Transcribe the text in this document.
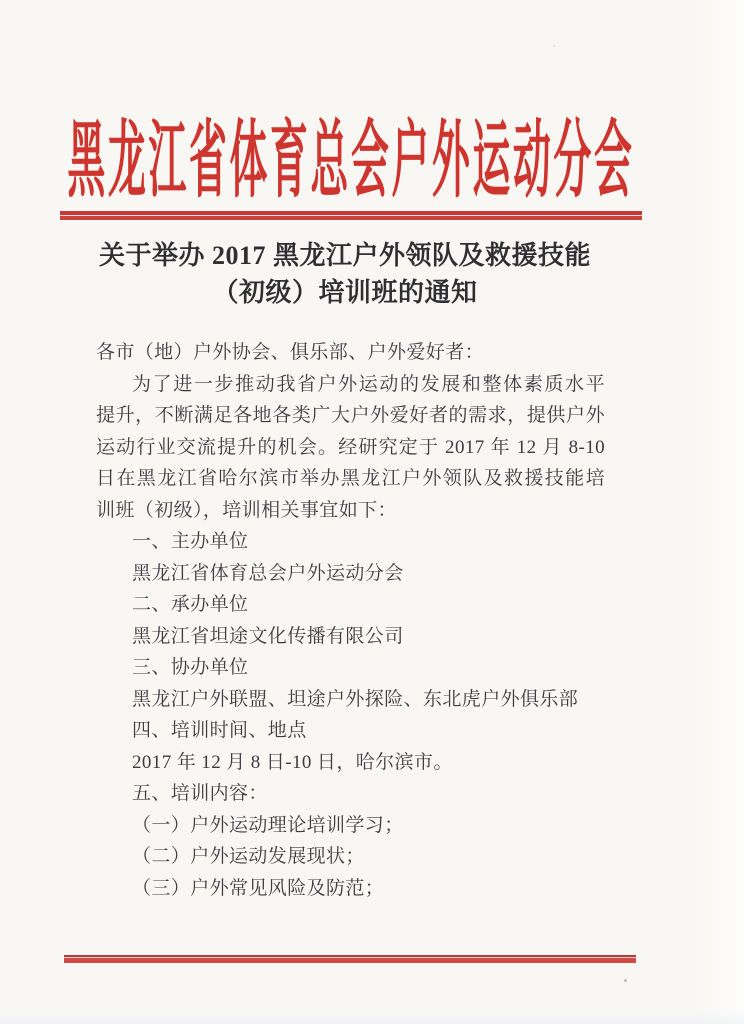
黑龙江省体育总会户外运动分会
关于举办 2017 黑龙江户外领队及救援技能
（初级）培训班的通知
各市（地）户外协会、俱乐部、户外爱好者：
为了进一步推动我省户外运动的发展和整体素质水平
提升，不断满足各地各类广大户外爱好者的需求，提供户外
运动行业交流提升的机会。经研究定于 2017 年 12 月 8-10
日在黑龙江省哈尔滨市举办黑龙江户外领队及救援技能培
训班（初级），培训相关事宜如下：
一、主办单位
黑龙江省体育总会户外运动分会
二、承办单位
黑龙江省坦途文化传播有限公司
三、协办单位
黑龙江户外联盟、坦途户外探险、东北虎户外俱乐部
四、培训时间、地点
2017 年 12 月 8 日-10 日，哈尔滨市。
五、培训内容：
（一）户外运动理论培训学习；
（二）户外运动发展现状；
（三）户外常见风险及防范；
